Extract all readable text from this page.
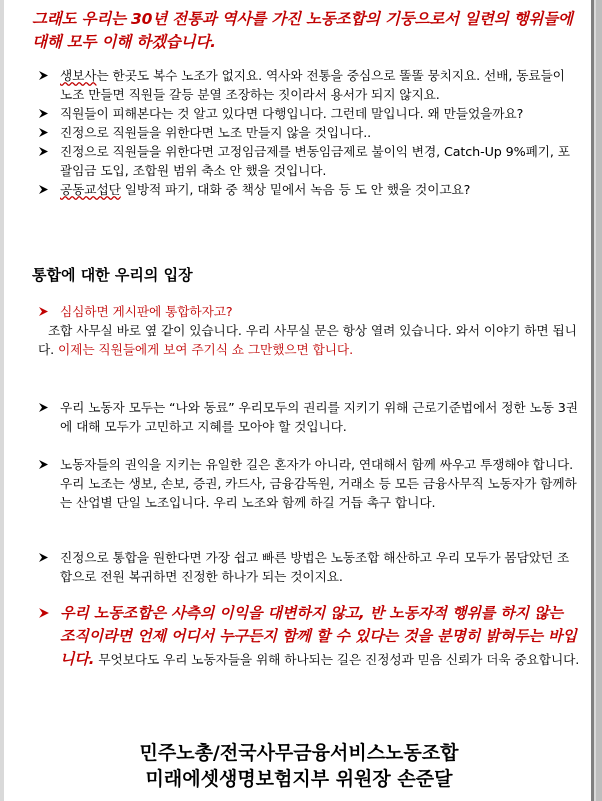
그래도 우리는 30년 전통과 역사를 가진 노동조합의 기둥으로서 일련의 행위들에 대해 모두 이해 하겠습니다.
생보사는 한곳도 복수 노조가 없지요. 역사와 전통을 중심으로 똘똘 뭉치지요. 선배, 동료들이 노조 만들면 직원들 갈등 분열 조장하는 짓이라서 용서가 되지 않지요.
직원들이 피해본다는 것 알고 있다면 다행입니다. 그런데 말입니다. 왜 만들었을까요?
진정으로 직원들을 위한다면 노조 만들지 않을 것입니다..
진정으로 직원들을 위한다면 고정임금제를 변동임금제로 불이익 변경, Catch-Up 9%폐기, 포괄임금 도입, 조합원 범위 축소 안 했을 것입니다.
공동교섭단 일방적 파기, 대화 중 책상 밑에서 녹음 등 도 안 했을 것이고요?
통합에 대한 우리의 입장
심심하면 게시판에 통합하자고?
조합 사무실 바로 옆 같이 있습니다. 우리 사무실 문은 항상 열려 있습니다. 와서 이야기 하면 됩니다. 이제는 직원들에게 보여 주기식 쇼 그만했으면 합니다.
우리 노동자 모두는 “나와 동료” 우리모두의 권리를 지키기 위해 근로기준법에서 정한 노동 3권에 대해 모두가 고민하고 지혜를 모아야 할 것입니다.
노동자들의 권익을 지키는 유일한 길은 혼자가 아니라, 연대해서 함께 싸우고 투쟁해야 합니다.우리 노조는 생보, 손보, 증권, 카드사, 금융감독원, 거래소 등 모든 금융사무직 노동자가 함께하는 산업별 단일 노조입니다. 우리 노조와 함께 하길 거듭 촉구 합니다.
진정으로 통합을 원한다면 가장 쉽고 빠른 방법은 노동조합 해산하고 우리 모두가 몸담았던 조합으로 전원 복귀하면 진정한 하나가 되는 것이지요.
우리 노동조합은 사측의 이익을 대변하지 않고, 반 노동자적 행위를 하지 않는 조직이라면 언제 어디서 누구든지 함께 할 수 있다는 것을 분명히 밝혀두는 바입니다. 무엇보다도 우리 노동자들을 위해 하나되는 길은 진정성과 믿음 신뢰가 더욱 중요합니다.
민주노총/전국사무금융서비스노동조합
미래에셋생명보험지부 위원장 손준달
